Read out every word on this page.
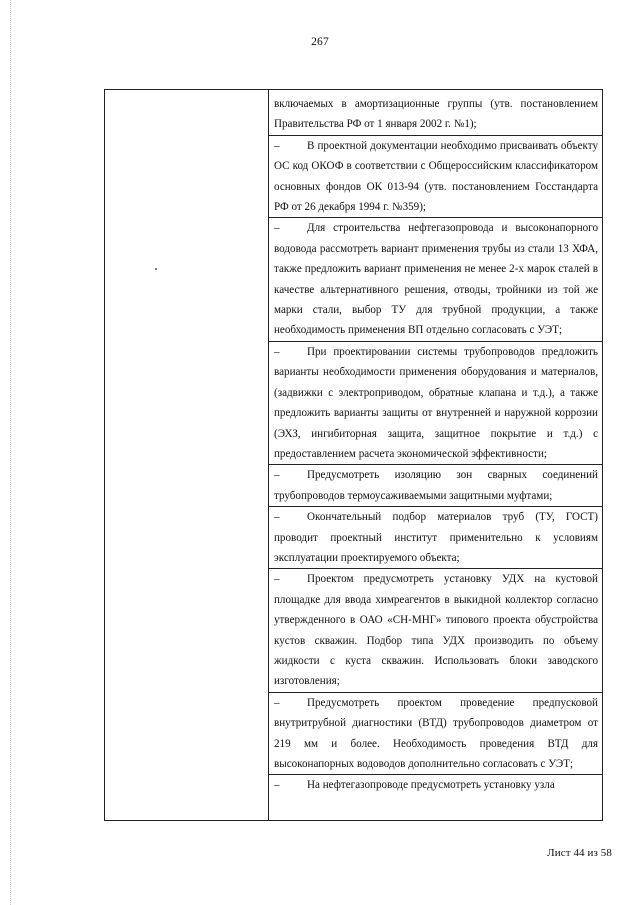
267

включаемых в амортизационные группы (утв. постановлением Правительства РФ от 1 января 2002 г. №1);
– В проектной документации необходимо присваивать объекту ОС код ОКОФ в соответствии с Общероссийским классификатором основных фондов ОК 013-94 (утв. постановлением Госстандарта РФ от 26 декабря 1994 г. №359);
– Для строительства нефтегазопровода и высоконапорного водовода рассмотреть вариант применения трубы из стали 13 ХФА, также предложить вариант применения не менее 2-х марок сталей в качестве альтернативного решения, отводы, тройники из той же марки стали, выбор ТУ для трубной продукции, а также необходимость применения ВП отдельно согласовать с УЭТ;
– При проектировании системы трубопроводов предложить варианты необходимости применения оборудования и материалов, (задвижки с электроприводом, обратные клапана и т.д.), а также предложить варианты защиты от внутренней и наружной коррозии (ЭХЗ, ингибиторная защита, защитное покрытие и т.д.) с предоставлением расчета экономической эффективности;
– Предусмотреть изоляцию зон сварных соединений трубопроводов термоусаживаемыми защитными муфтами;
– Окончательный подбор материалов труб (ТУ, ГОСТ) проводит проектный институт применительно к условиям эксплуатации проектируемого объекта;
– Проектом предусмотреть установку УДХ на кустовой площадке для ввода химреагентов в выкидной коллектор согласно утвержденного в ОАО «СН-МНГ» типового проекта обустройства кустов скважин. Подбор типа УДХ производить по объему жидкости с куста скважин. Использовать блоки заводского изготовления;
– Предусмотреть проектом проведение предпусковой внутритрубной диагностики (ВТД) трубопроводов диаметром от 219 мм и более. Необходимость проведения ВТД для высоконапорных водоводов дополнительно согласовать с УЭТ;
– На нефтегазопроводе предусмотреть установку узла
Лист 44 из 58
